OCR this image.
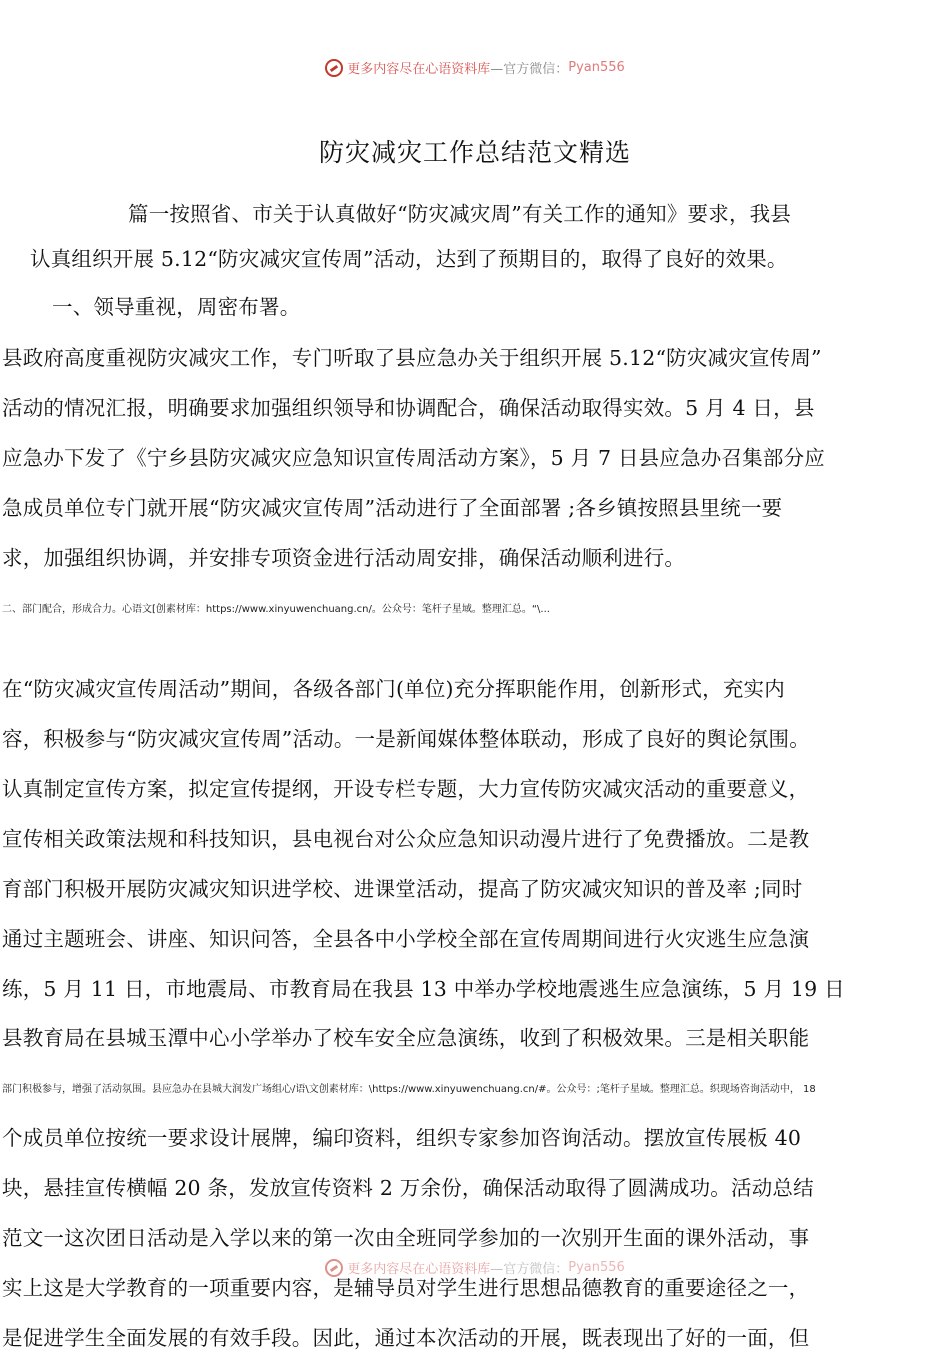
更多内容尽在心语资料库—官方微信：Pyan556
防灾减灾工作总结范文精选
篇一按照省、市关于认真做好“防灾减灾周”有关工作的通知》要求，我县
认真组织开展 5.12“防灾减灾宣传周”活动，达到了预期目的，取得了良好的效果。
一、领导重视，周密布署。
县政府高度重视防灾减灾工作，专门听取了县应急办关于组织开展 5.12“防灾减灾宣传周”
活动的情况汇报，明确要求加强组织领导和协调配合，确保活动取得实效。5 月 4 日，县
应急办下发了《宁乡县防灾减灾应急知识宣传周活动方案》，5 月 7 日县应急办召集部分应
急成员单位专门就开展“防灾减灾宣传周”活动进行了全面部署 ;各乡镇按照县里统一要
求，加强组织协调，并安排专项资金进行活动周安排，确保活动顺利进行。
二、部门配合，形成合力。心语文[创素材库：https://www.xinyuwenchuang.cn/。公众号：笔杆子星域。整理汇总。“\...
在“防灾减灾宣传周活动”期间，各级各部门(单位)充分挥职能作用，创新形式，充实内
容，积极参与“防灾减灾宣传周”活动。一是新闻媒体整体联动，形成了良好的舆论氛围。
认真制定宣传方案，拟定宣传提纲，开设专栏专题，大力宣传防灾减灾活动的重要意义，
宣传相关政策法规和科技知识，县电视台对公众应急知识动漫片进行了免费播放。二是教
育部门积极开展防灾减灾知识进学校、进课堂活动，提高了防灾减灾知识的普及率 ;同时
通过主题班会、讲座、知识问答，全县各中小学校全部在宣传周期间进行火灾逃生应急演
练，5 月 11 日，市地震局、市教育局在我县 13 中举办学校地震逃生应急演练，5 月 19 日
县教育局在县城玉潭中心小学举办了校车安全应急演练，收到了积极效果。三是相关职能
部门积极参与，增强了活动氛围。县应急办在县城大润发广场组心/语\文创素材库：\https://www.xinyuwenchuang.cn/#。公众号：;笔杆子星域。整理汇总。织现场咨询活动中， 18
个成员单位按统一要求设计展牌，编印资料，组织专家参加咨询活动。摆放宣传展板 40
块，悬挂宣传横幅 20 条，发放宣传资料 2 万余份，确保活动取得了圆满成功。活动总结
范文一这次团日活动是入学以来的第一次由全班同学参加的一次别开生面的课外活动，事
实上这是大学教育的一项重要内容，是辅导员对学生进行思想品德教育的重要途径之一，
是促进学生全面发展的有效手段。因此，通过本次活动的开展，既表现出了好的一面，但
更多内容尽在心语资料库—官方微信：Pyan556
